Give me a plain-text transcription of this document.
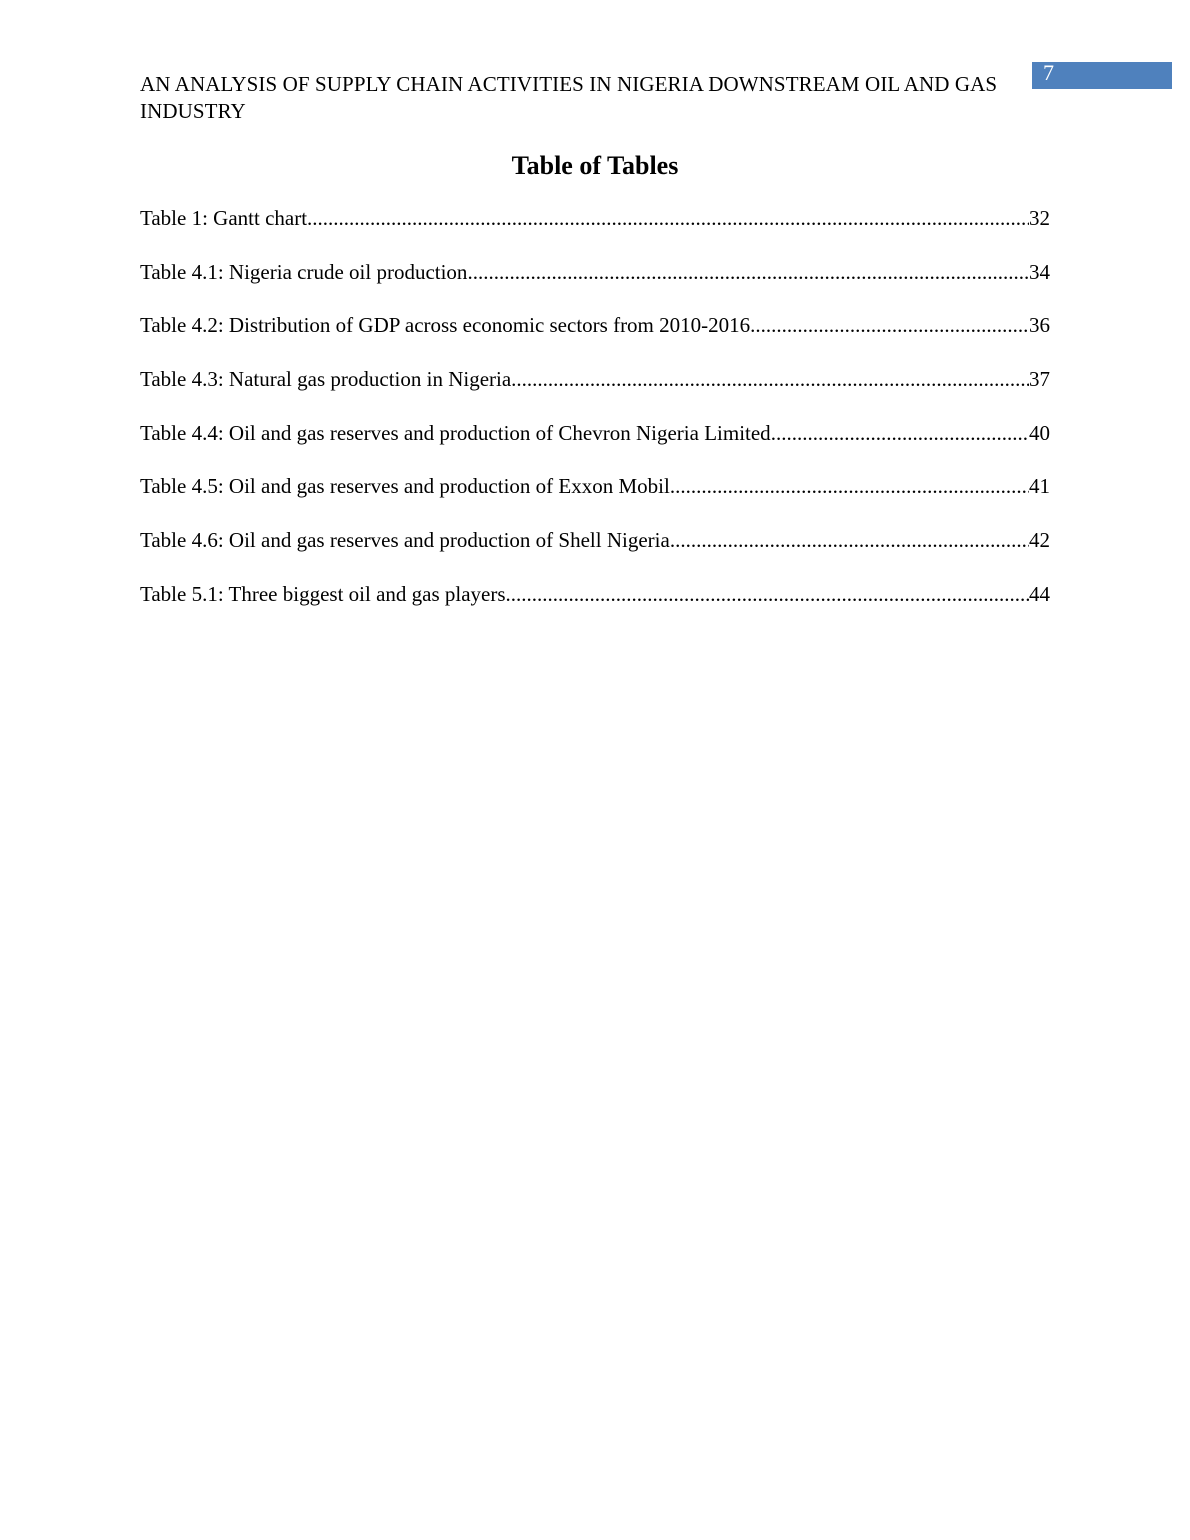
7
AN ANALYSIS OF SUPPLY CHAIN ACTIVITIES IN NIGERIA DOWNSTREAM OIL AND GAS INDUSTRY
Table of Tables
Table 1: Gantt chart .....	32
Table 4.1: Nigeria crude oil production .....	34
Table 4.2: Distribution of GDP across economic sectors from 2010-2016 .....	36
Table 4.3: Natural gas production in Nigeria .....	37
Table 4.4: Oil and gas reserves and production of Chevron Nigeria Limited .....	40
Table 4.5: Oil and gas reserves and production of Exxon Mobil .....	41
Table 4.6: Oil and gas reserves and production of Shell Nigeria .....	42
Table 5.1: Three biggest oil and gas players .....	44
